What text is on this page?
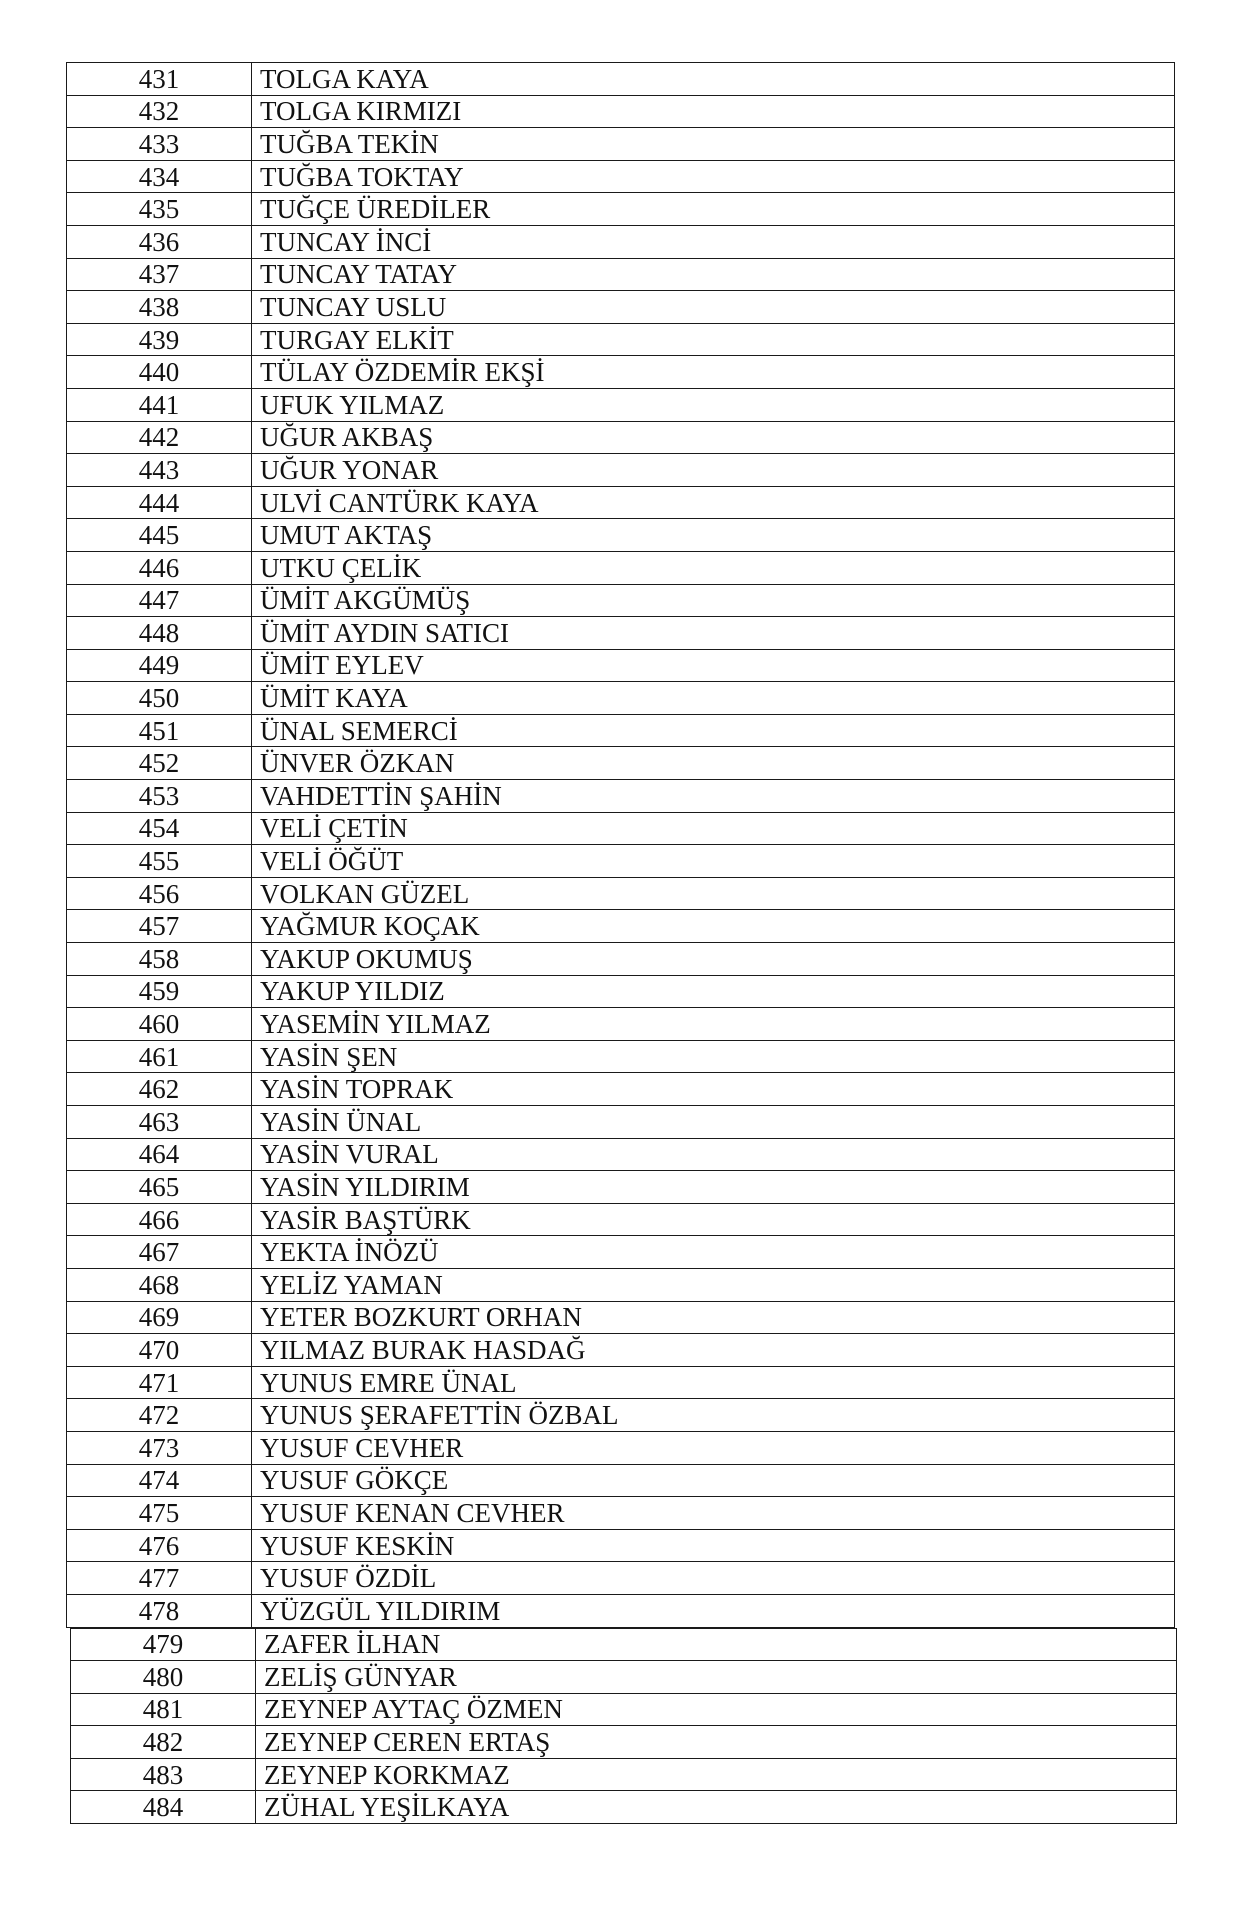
431	TOLGA KAYA
432	TOLGA KIRMIZI
433	TUĞBA TEKİN
434	TUĞBA TOKTAY
435	TUĞÇE ÜREDİLER
436	TUNCAY İNCİ
437	TUNCAY TATAY
438	TUNCAY USLU
439	TURGAY ELKİT
440	TÜLAY ÖZDEMİR EKŞİ
441	UFUK YILMAZ
442	UĞUR AKBAŞ
443	UĞUR YONAR
444	ULVİ CANTÜRK KAYA
445	UMUT AKTAŞ
446	UTKU ÇELİK
447	ÜMİT AKGÜMÜŞ
448	ÜMİT AYDIN SATICI
449	ÜMİT EYLEV
450	ÜMİT KAYA
451	ÜNAL SEMERCİ
452	ÜNVER ÖZKAN
453	VAHDETTİN ŞAHİN
454	VELİ ÇETİN
455	VELİ ÖĞÜT
456	VOLKAN GÜZEL
457	YAĞMUR KOÇAK
458	YAKUP OKUMUŞ
459	YAKUP YILDIZ
460	YASEMİN YILMAZ
461	YASİN ŞEN
462	YASİN TOPRAK
463	YASİN ÜNAL
464	YASİN VURAL
465	YASİN YILDIRIM
466	YASİR BAŞTÜRK
467	YEKTA İNÖZÜ
468	YELİZ YAMAN
469	YETER BOZKURT ORHAN
470	YILMAZ BURAK HASDAĞ
471	YUNUS EMRE ÜNAL
472	YUNUS ŞERAFETTİN ÖZBAL
473	YUSUF CEVHER
474	YUSUF GÖKÇE
475	YUSUF KENAN CEVHER
476	YUSUF KESKİN
477	YUSUF ÖZDİL
478	YÜZGÜL YILDIRIM
479	ZAFER İLHAN
480	ZELİŞ GÜNYAR
481	ZEYNEP AYTAÇ ÖZMEN
482	ZEYNEP CEREN ERTAŞ
483	ZEYNEP KORKMAZ
484	ZÜHAL YEŞİLKAYA
